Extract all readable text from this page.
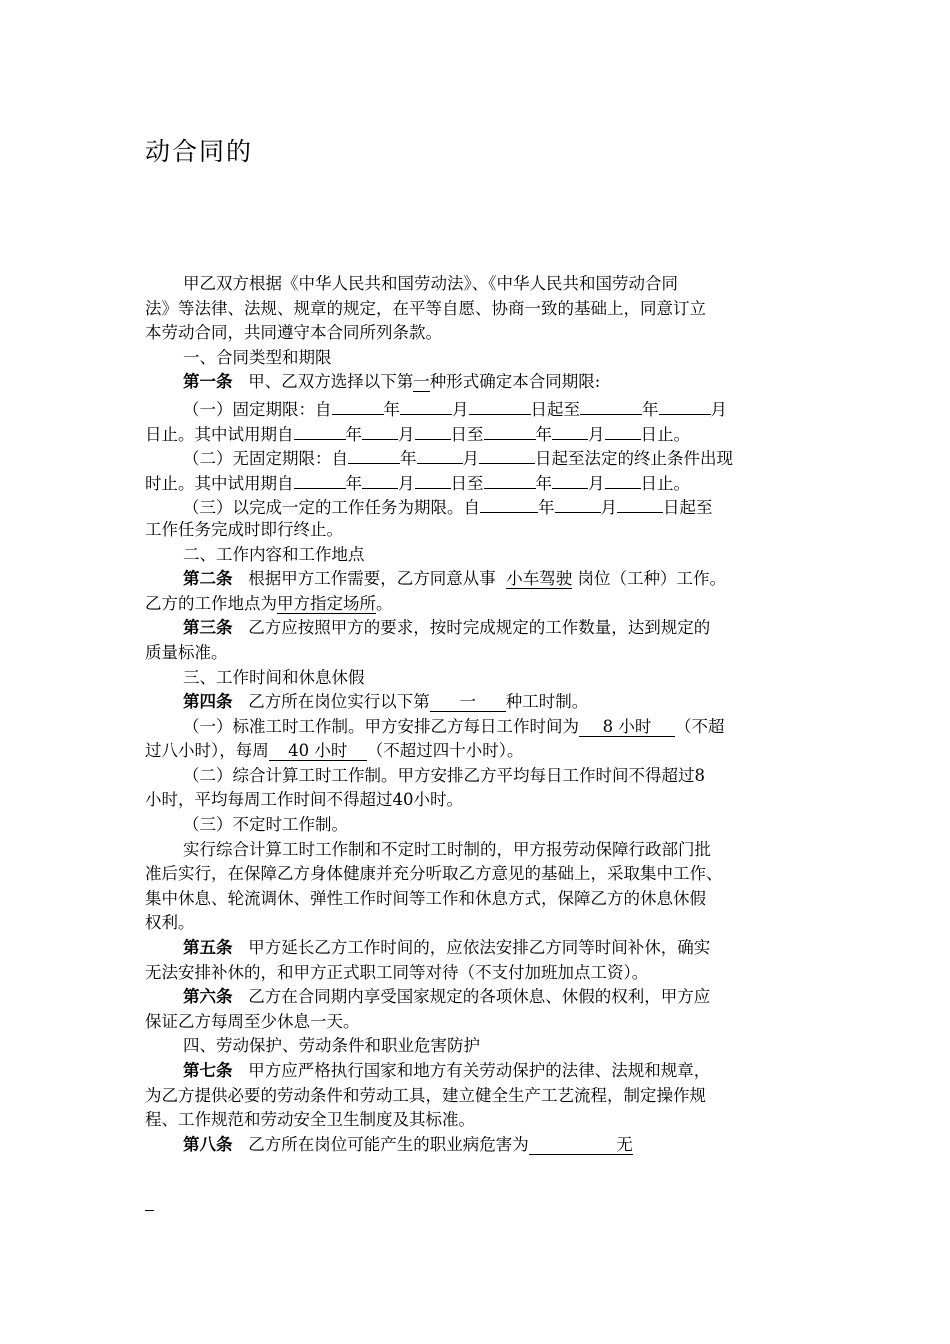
动合同的
甲乙双方根据《中华人民共和国劳动法》、《中华人民共和国劳动合同
法》等法律、法规、规章的规定，在平等自愿、协商一致的基础上，同意订立
本劳动合同，共同遵守本合同所列条款。
一、合同类型和期限
第一条 甲、乙双方选择以下第一种形式确定本合同期限:
（一）固定期限：自	年	月	日起至	年	月
日止。其中试用期自	年 月 日至	年 月 日止。
（二）无固定期限：自	年	月	日起至法定的终止条件出现
时止。其中试用期自	年 月 日至	年 月 日止。
（三）以完成一定的工作任务为期限。自	年	月	日起至
工作任务完成时即行终止。
二、工作内容和工作地点
第二条 根据甲方工作需要，乙方同意从事 小车驾驶 岗位（工种）工作。
乙方的工作地点为甲方指定场所。
第三条 乙方应按照甲方的要求，按时完成规定的工作数量，达到规定的
质量标准。
三、工作时间和休息休假
第四条 乙方所在岗位实行以下第 一 种工时制。
（一）标准工时工作制。甲方安排乙方每日工作时间为 8 小时 （不超
过八小时），每周 40 小时 （不超过四十小时）。
（二）综合计算工时工作制。甲方安排乙方平均每日工作时间不得超过8
小时，平均每周工作时间不得超过40小时。
（三）不定时工作制。
实行综合计算工时工作制和不定时工时制的，甲方报劳动保障行政部门批
准后实行，在保障乙方身体健康并充分听取乙方意见的基础上，采取集中工作、
集中休息、轮流调休、弹性工作时间等工作和休息方式，保障乙方的休息休假
权利。
第五条 甲方延长乙方工作时间的，应依法安排乙方同等时间补休，确实
无法安排补休的，和甲方正式职工同等对待（不支付加班加点工资）。
第六条 乙方在合同期内享受国家规定的各项休息、休假的权利，甲方应
保证乙方每周至少休息一天。
四、劳动保护、劳动条件和职业危害防护
第七条 甲方应严格执行国家和地方有关劳动保护的法律、法规和规章，
为乙方提供必要的劳动条件和劳动工具，建立健全生产工艺流程，制定操作规
程、工作规范和劳动安全卫生制度及其标准。
第八条 乙方所在岗位可能产生的职业病危害为	无
